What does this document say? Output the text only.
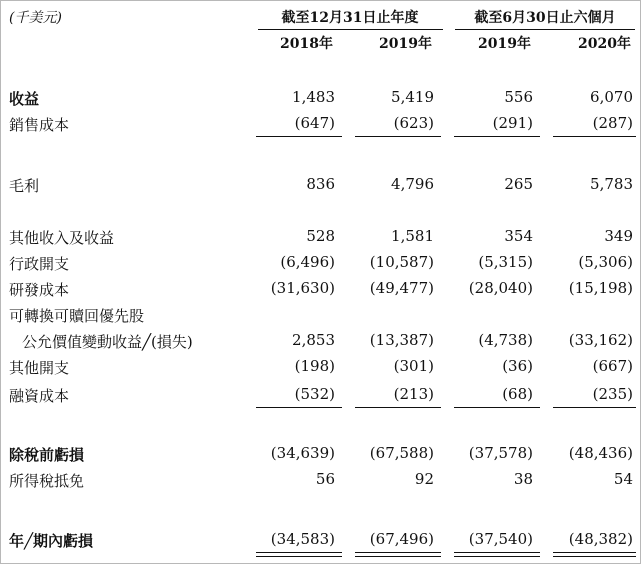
(千美元)	截至12月31日止年度	截至6月30日止六個月
2018年	2019年	2019年	2020年
收益	1,483	5,419	556	6,070
銷售成本	(647)	(623)	(291)	(287)
毛利	836	4,796	265	5,783
其他收入及收益	528	1,581	354	349
行政開支	(6,496)	(10,587)	(5,315)	(5,306)
研發成本	(31,630)	(49,477)	(28,040)	(15,198)
可轉換可贖回優先股
公允價值變動收益╱(損失)	2,853	(13,387)	(4,738)	(33,162)
其他開支	(198)	(301)	(36)	(667)
融資成本	(532)	(213)	(68)	(235)
除稅前虧損	(34,639)	(67,588)	(37,578)	(48,436)
所得稅抵免	56	92	38	54
年╱期內虧損	(34,583)	(67,496)	(37,540)	(48,382)
